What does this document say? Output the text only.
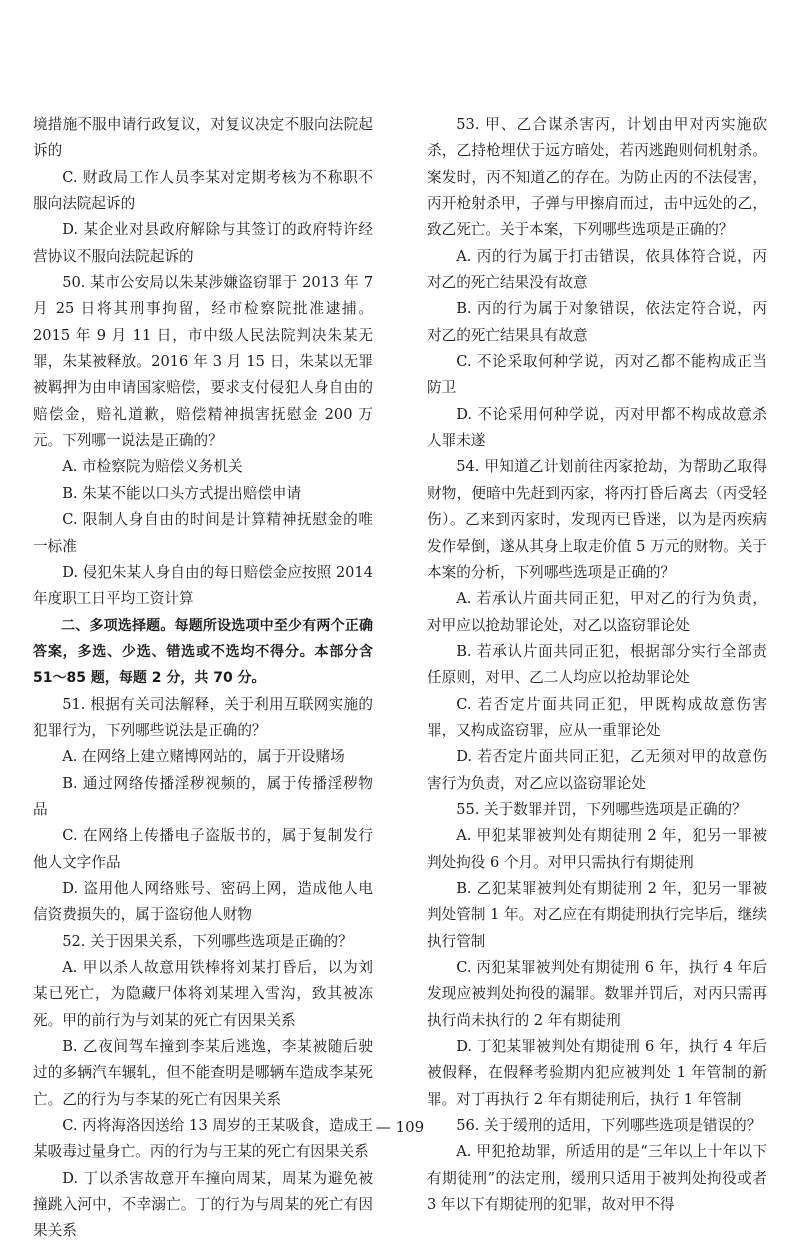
境措施不服申请行政复议，对复议决定不服向法院起诉的

C. 财政局工作人员李某对定期考核为不称职不服向法院起诉的

D. 某企业对县政府解除与其签订的政府特许经营协议不服向法院起诉的

50. 某市公安局以朱某涉嫌盗窃罪于 2013 年 7 月 25 日将其刑事拘留，经市检察院批准逮捕。2015 年 9 月 11 日，市中级人民法院判决朱某无罪，朱某被释放。2016 年 3 月 15 日，朱某以无罪被羁押为由申请国家赔偿，要求支付侵犯人身自由的赔偿金，赔礼道歉，赔偿精神损害抚慰金 200 万元。下列哪一说法是正确的？

A. 市检察院为赔偿义务机关

B. 朱某不能以口头方式提出赔偿申请

C. 限制人身自由的时间是计算精神抚慰金的唯一标准

D. 侵犯朱某人身自由的每日赔偿金应按照 2014 年度职工日平均工资计算

二、多项选择题。每题所设选项中至少有两个正确答案，多选、少选、错选或不选均不得分。本部分含 51～85 题，每题 2 分，共 70 分。

51. 根据有关司法解释，关于利用互联网实施的犯罪行为，下列哪些说法是正确的？

A. 在网络上建立赌博网站的，属于开设赌场

B. 通过网络传播淫秽视频的，属于传播淫秽物品

C. 在网络上传播电子盗版书的，属于复制发行他人文字作品

D. 盗用他人网络账号、密码上网，造成他人电信资费损失的，属于盗窃他人财物

52. 关于因果关系，下列哪些选项是正确的？

A. 甲以杀人故意用铁棒将刘某打昏后，以为刘某已死亡，为隐藏尸体将刘某埋入雪沟，致其被冻死。甲的前行为与刘某的死亡有因果关系

B. 乙夜间驾车撞到李某后逃逸，李某被随后驶过的多辆汽车辗轧，但不能查明是哪辆车造成李某死亡。乙的行为与李某的死亡有因果关系

C. 丙将海洛因送给 13 周岁的王某吸食，造成王某吸毒过量身亡。丙的行为与王某的死亡有因果关系

D. 丁以杀害故意开车撞向周某，周某为避免被撞跳入河中，不幸溺亡。丁的行为与周某的死亡有因果关系

53. 甲、乙合谋杀害丙，计划由甲对丙实施砍杀，乙持枪埋伏于远方暗处，若丙逃跑则伺机射杀。案发时，丙不知道乙的存在。为防止丙的不法侵害，丙开枪射杀甲，子弹与甲擦肩而过，击中远处的乙，致乙死亡。关于本案，下列哪些选项是正确的？

A. 丙的行为属于打击错误，依具体符合说，丙对乙的死亡结果没有故意

B. 丙的行为属于对象错误，依法定符合说，丙对乙的死亡结果具有故意

C. 不论采取何种学说，丙对乙都不能构成正当防卫

D. 不论采用何种学说，丙对甲都不构成故意杀人罪未遂

54. 甲知道乙计划前往丙家抢劫，为帮助乙取得财物，便暗中先赶到丙家，将丙打昏后离去（丙受轻伤）。乙来到丙家时，发现丙已昏迷，以为是丙疾病发作晕倒，遂从其身上取走价值 5 万元的财物。关于本案的分析，下列哪些选项是正确的？

A. 若承认片面共同正犯，甲对乙的行为负责，对甲应以抢劫罪论处，对乙以盗窃罪论处

B. 若承认片面共同正犯，根据部分实行全部责任原则，对甲、乙二人均应以抢劫罪论处

C. 若否定片面共同正犯，甲既构成故意伤害罪，又构成盗窃罪，应从一重罪论处

D. 若否定片面共同正犯，乙无须对甲的故意伤害行为负责，对乙应以盗窃罪论处

55. 关于数罪并罚，下列哪些选项是正确的？

A. 甲犯某罪被判处有期徒刑 2 年，犯另一罪被判处拘役 6 个月。对甲只需执行有期徒刑

B. 乙犯某罪被判处有期徒刑 2 年，犯另一罪被判处管制 1 年。对乙应在有期徒刑执行完毕后，继续执行管制

C. 丙犯某罪被判处有期徒刑 6 年，执行 4 年后发现应被判处拘役的漏罪。数罪并罚后，对丙只需再执行尚未执行的 2 年有期徒刑

D. 丁犯某罪被判处有期徒刑 6 年，执行 4 年后被假释，在假释考验期内犯应被判处 1 年管制的新罪。对丁再执行 2 年有期徒刑后，执行 1 年管制

56. 关于缓刑的适用，下列哪些选项是错误的？

A. 甲犯抢劫罪，所适用的是“三年以上十年以下有期徒刑”的法定刑，缓刑只适用于被判处拘役或者 3 年以下有期徒刑的犯罪，故对甲不得

— 109
